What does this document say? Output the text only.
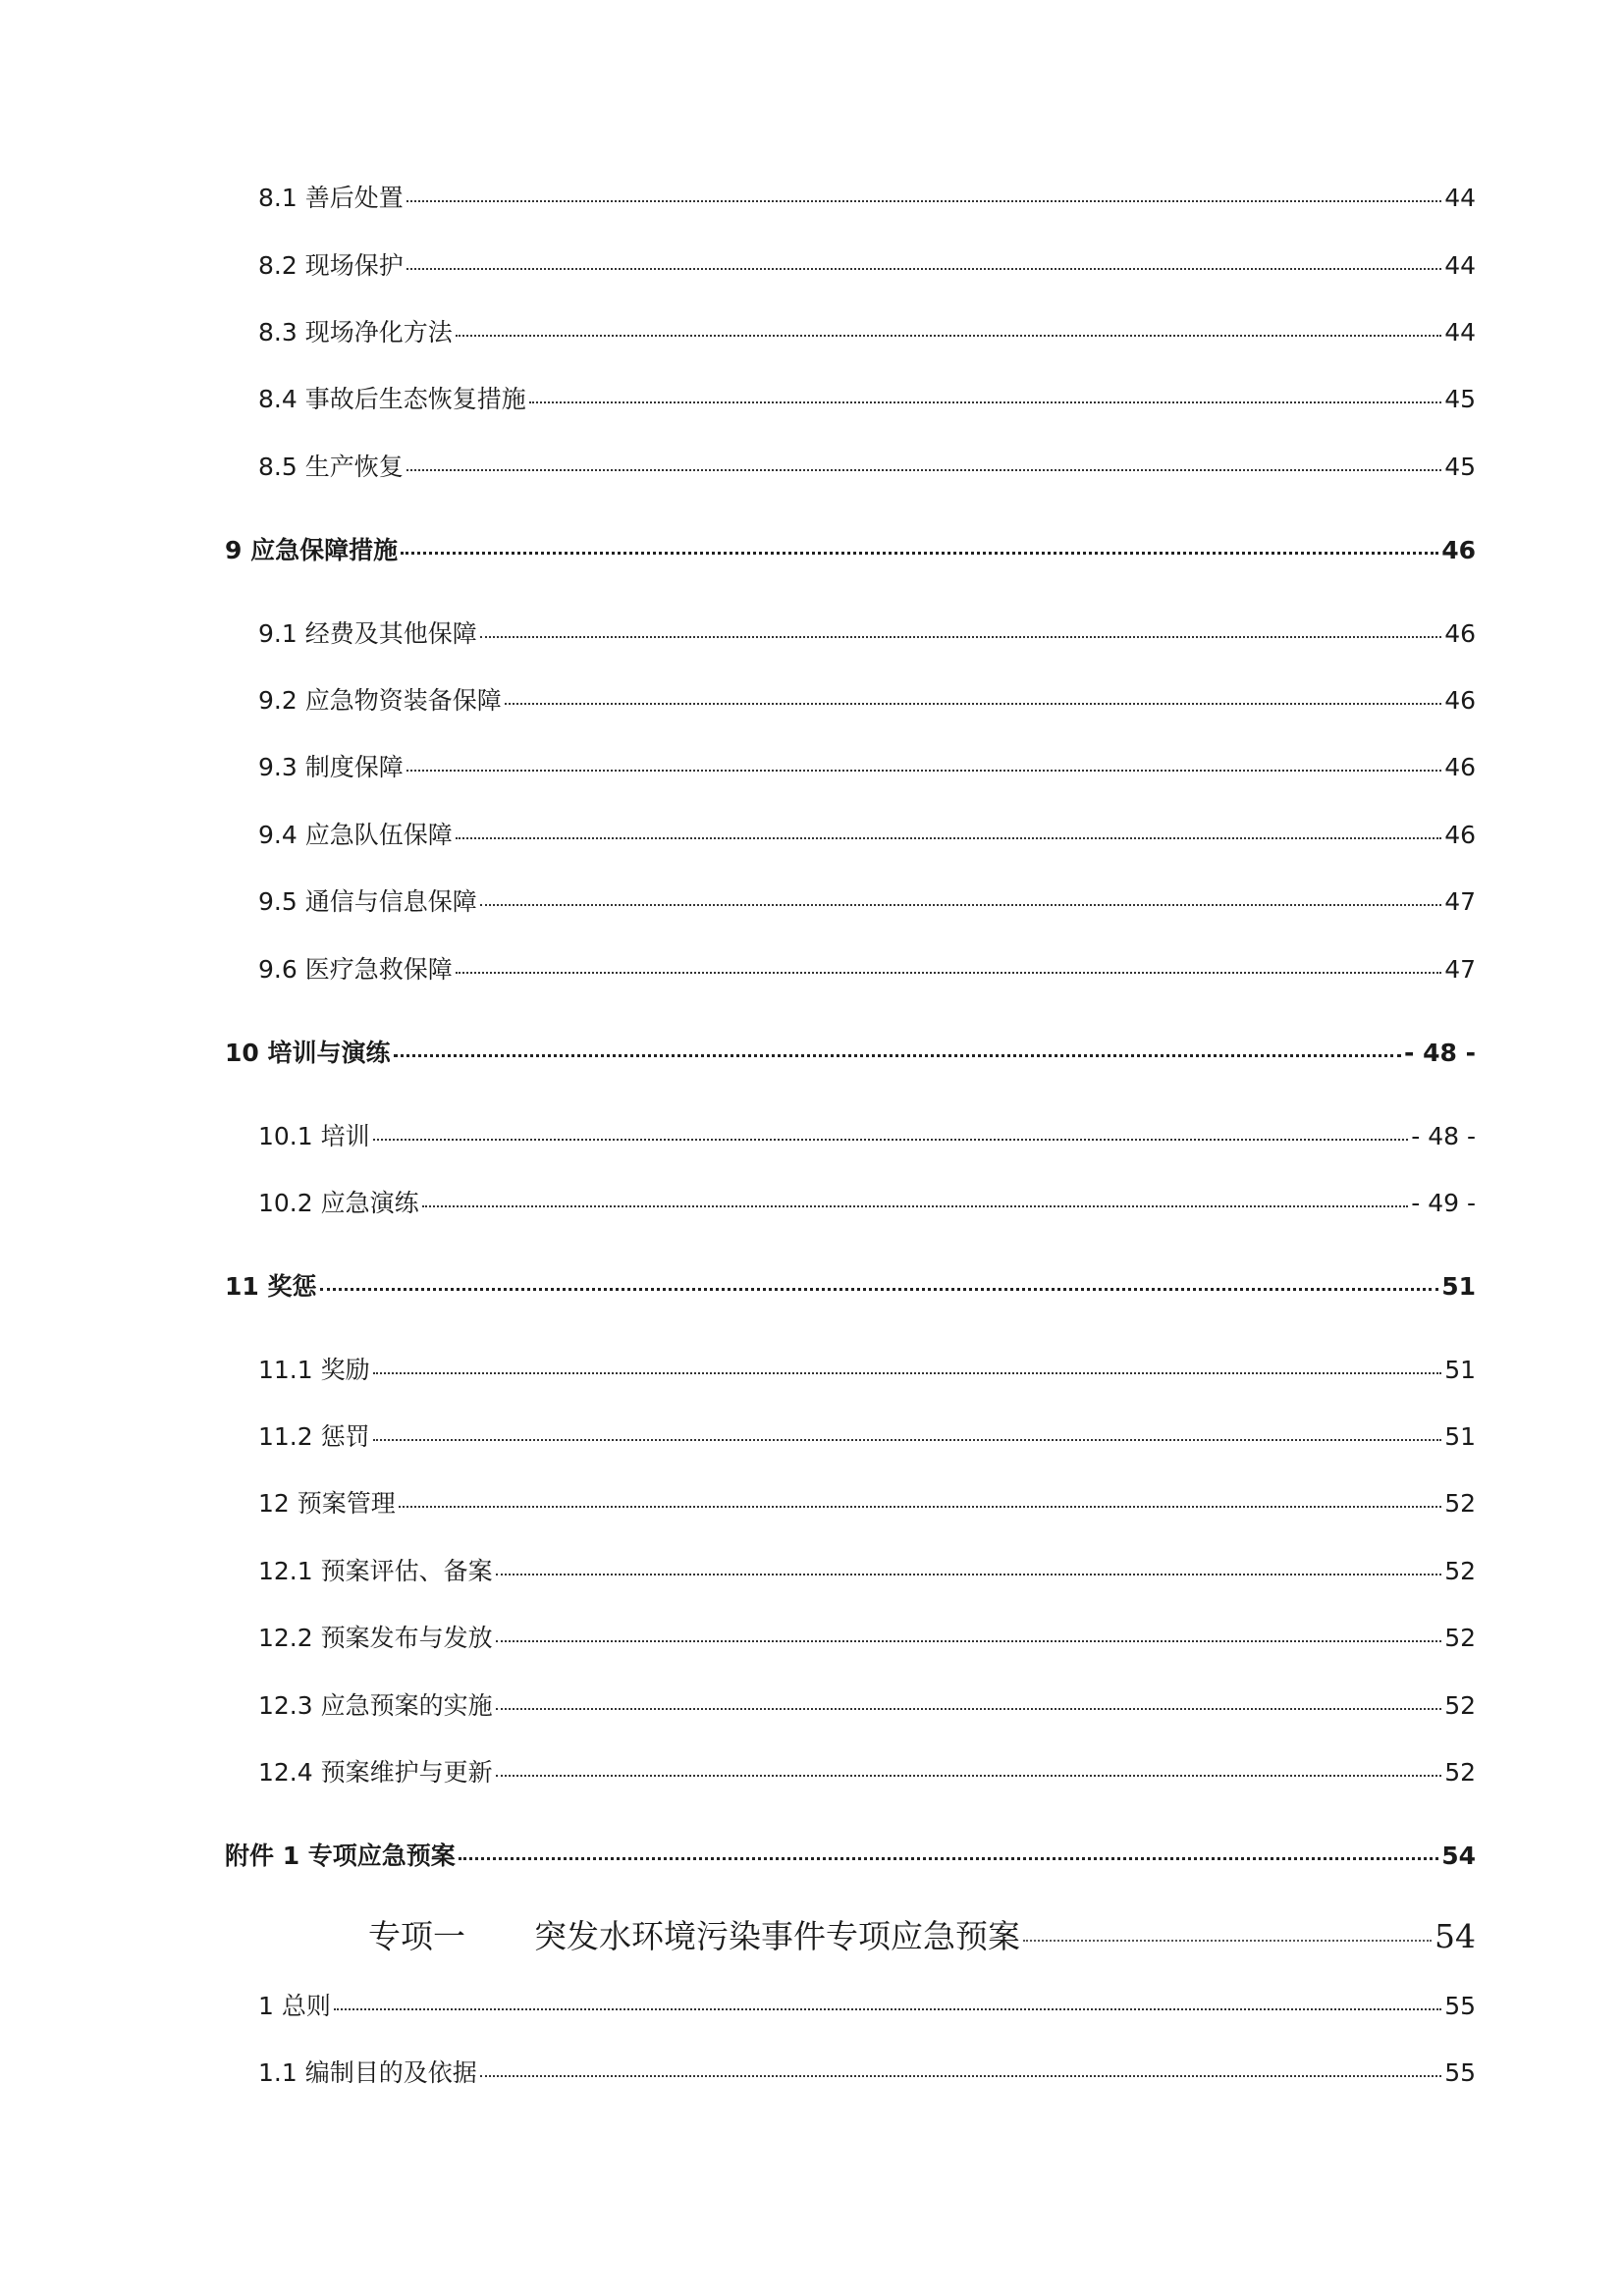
8.1 善后处置	44
8.2 现场保护	44
8.3 现场净化方法	44
8.4 事故后生态恢复措施	45
8.5 生产恢复	45
9 应急保障措施	46
9.1 经费及其他保障	46
9.2 应急物资装备保障	46
9.3 制度保障	46
9.4 应急队伍保障	46
9.5 通信与信息保障	47
9.6 医疗急救保障	47
10 培训与演练	- 48 -
10.1 培训	- 48 -
10.2 应急演练	- 49 -
11 奖惩	51
11.1 奖励	51
11.2 惩罚	51
12 预案管理	52
12.1 预案评估、备案	52
12.2 预案发布与发放	52
12.3 应急预案的实施	52
12.4 预案维护与更新	52
附件 1 专项应急预案	54
专项一 突发水环境污染事件专项应急预案	54
1 总则	55
1.1 编制目的及依据	55
